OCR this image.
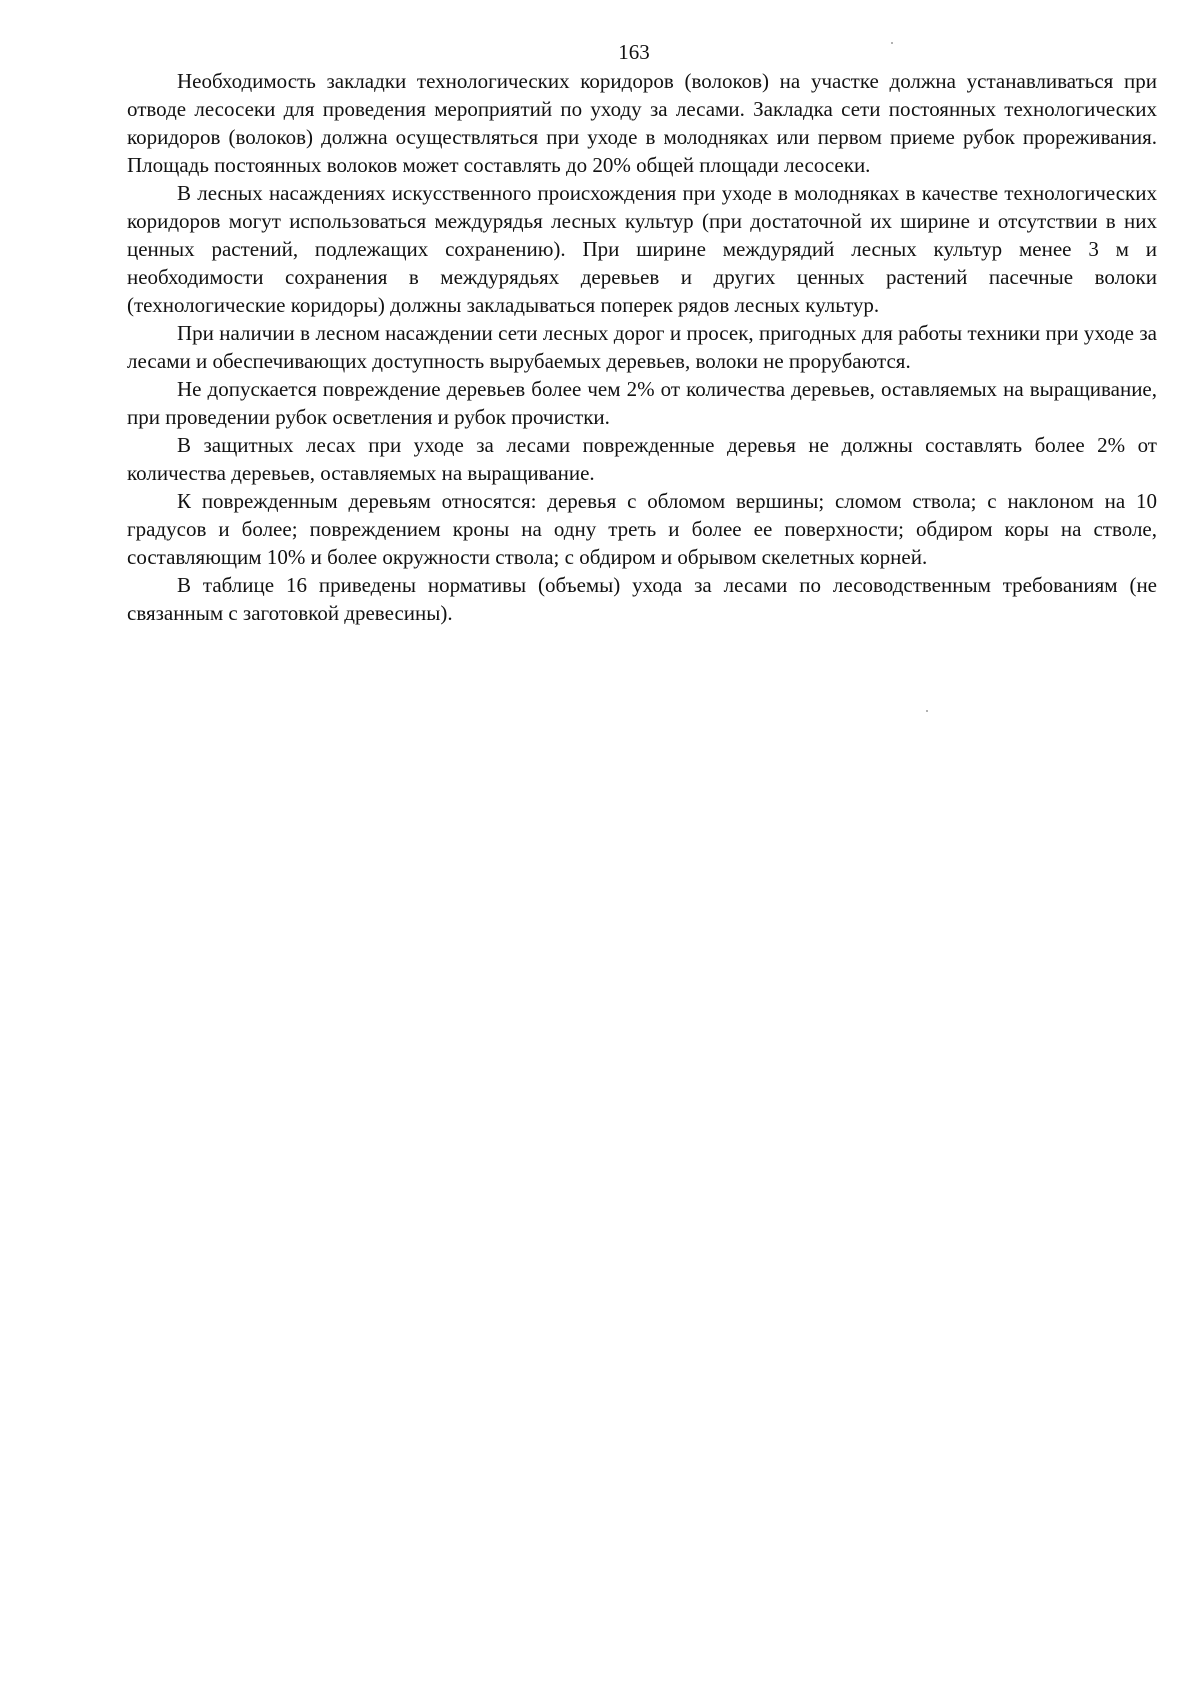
163

Необходимость закладки технологических коридоров (волоков) на участке должна устанавливаться при отводе лесосеки для проведения мероприятий по уходу за лесами. Закладка сети постоянных технологических коридоров (волоков) должна осуществляться при уходе в молодняках или первом приеме рубок прореживания. Площадь постоянных волоков может составлять до 20% общей площади лесосеки.

В лесных насаждениях искусственного происхождения при уходе в молодняках в качестве технологических коридоров могут использоваться междурядья лесных культур (при достаточной их ширине и отсутствии в них ценных растений, подлежащих сохранению). При ширине междурядий лесных культур менее 3 м и необходимости сохранения в междурядьях деревьев и других ценных растений пасечные волоки (технологические коридоры) должны закладываться поперек рядов лесных культур.

При наличии в лесном насаждении сети лесных дорог и просек, пригодных для работы техники при уходе за лесами и обеспечивающих доступность вырубаемых деревьев, волоки не прорубаются.

Не допускается повреждение деревьев более чем 2% от количества деревьев, оставляемых на выращивание, при проведении рубок осветления и рубок прочистки.

В защитных лесах при уходе за лесами поврежденные деревья не должны составлять более 2% от количества деревьев, оставляемых на выращивание.

К поврежденным деревьям относятся: деревья с обломом вершины; сломом ствола; с наклоном на 10 градусов и более; повреждением кроны на одну треть и более ее поверхности; обдиром коры на стволе, составляющим 10% и более окружности ствола; с обдиром и обрывом скелетных корней.

В таблице 16 приведены нормативы (объемы) ухода за лесами по лесоводственным требованиям (не связанным с заготовкой древесины).
